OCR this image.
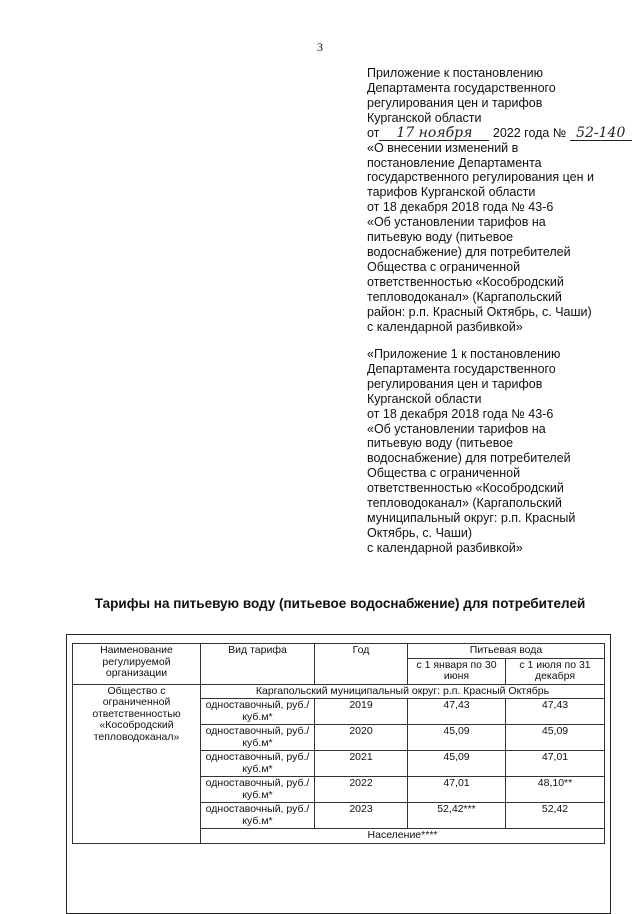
3
Приложение к постановлению
Департамента государственного
регулирования цен и тарифов
Курганской области
от 17 ноября 2022 года № 52-140
«О внесении изменений в
постановление Департамента
государственного регулирования цен и
тарифов Курганской области
от 18 декабря 2018 года № 43-6
«Об установлении тарифов на
питьевую воду (питьевое
водоснабжение) для потребителей
Общества с ограниченной
ответственностью «Кособродский
тепловодоканал» (Каргапольский
район: р.п. Красный Октябрь, с. Чаши)
с календарной разбивкой»
«Приложение 1 к постановлению
Департамента государственного
регулирования цен и тарифов
Курганской области
от 18 декабря 2018 года № 43-6
«Об установлении тарифов на
питьевую воду (питьевое
водоснабжение) для потребителей
Общества с ограниченной
ответственностью «Кособродский
тепловодоканал» (Каргапольский
муниципальный округ: р.п. Красный
Октябрь, с. Чаши)
с календарной разбивкой»
Тарифы на питьевую воду (питьевое водоснабжение) для потребителей
Наименование регулируемой организации	Вид тарифа	Год	Питьевая вода	
			с 1 января по 30 июня	с 1 июля по 31 декабря
Общество с ограниченной ответственностью «Кособродский тепловодоканал»	Каргапольский муниципальный округ: р.п. Красный Октябрь			
	одноставочный, руб./куб.м*	2019	47,43	47,43
	одноставочный, руб./куб.м*	2020	45,09	45,09
	одноставочный, руб./куб.м*	2021	45,09	47,01
	одноставочный, руб./куб.м*	2022	47,01	48,10**
	одноставочный, руб./куб.м*	2023	52,42***	52,42
	Население****			
